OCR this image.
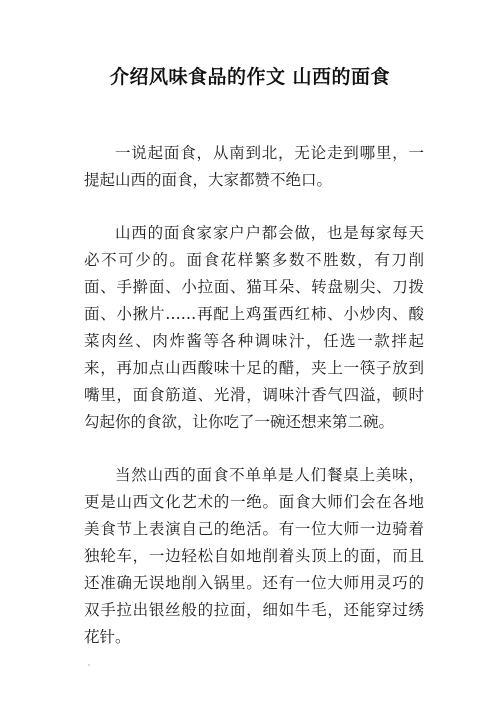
介绍风味食品的作文 山西的面食

一说起面食，从南到北，无论走到哪里，一提起山西的面食，大家都赞不绝口。

山西的面食家家户户都会做，也是每家每天必不可少的。面食花样繁多数不胜数，有刀削面、手擀面、小拉面、猫耳朵、转盘剔尖、刀拨面、小揪片……再配上鸡蛋西红柿、小炒肉、酸菜肉丝、肉炸酱等各种调味汁，任选一款拌起来，再加点山西酸味十足的醋，夹上一筷子放到嘴里，面食筋道、光滑，调味汁香气四溢，顿时勾起你的食欲，让你吃了一碗还想来第二碗。

当然山西的面食不单单是人们餐桌上美味，更是山西文化艺术的一绝。面食大师们会在各地美食节上表演自己的绝活。有一位大师一边骑着独轮车，一边轻松自如地削着头顶上的面，而且还准确无误地削入锅里。还有一位大师用灵巧的双手拉出银丝般的拉面，细如牛毛，还能穿过绣花针。
